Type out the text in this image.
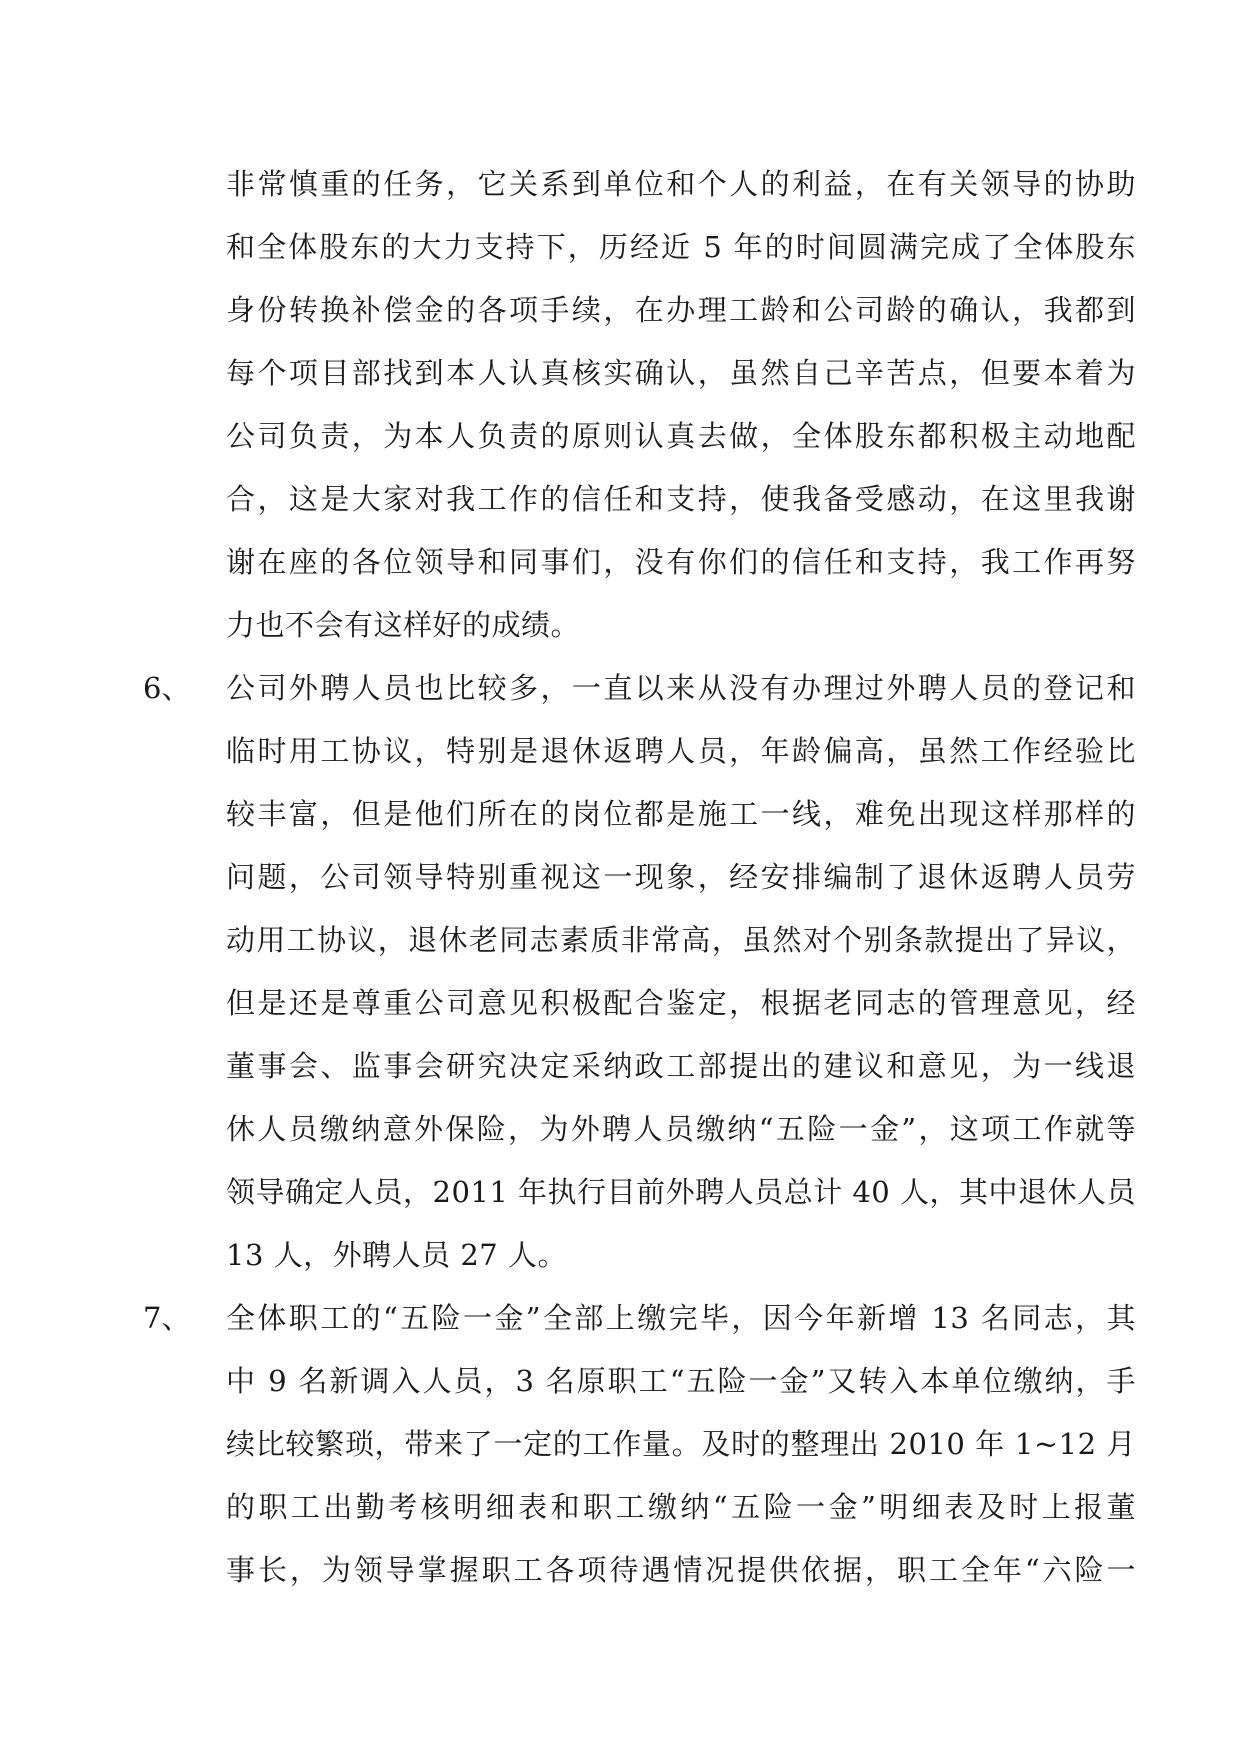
非常慎重的任务，它关系到单位和个人的利益，在有关领导的协助
和全体股东的大力支持下，历经近 5 年的时间圆满完成了全体股东
身份转换补偿金的各项手续，在办理工龄和公司龄的确认，我都到
每个项目部找到本人认真核实确认，虽然自己辛苦点，但要本着为
公司负责，为本人负责的原则认真去做，全体股东都积极主动地配
合，这是大家对我工作的信任和支持，使我备受感动，在这里我谢
谢在座的各位领导和同事们，没有你们的信任和支持，我工作再努
力也不会有这样好的成绩。
6、	公司外聘人员也比较多，一直以来从没有办理过外聘人员的登记和
临时用工协议，特别是退休返聘人员，年龄偏高，虽然工作经验比
较丰富，但是他们所在的岗位都是施工一线，难免出现这样那样的
问题，公司领导特别重视这一现象，经安排编制了退休返聘人员劳
动用工协议，退休老同志素质非常高，虽然对个别条款提出了异议，
但是还是尊重公司意见积极配合鉴定，根据老同志的管理意见，经
董事会、监事会研究决定采纳政工部提出的建议和意见，为一线退
休人员缴纳意外保险，为外聘人员缴纳“五险一金”，这项工作就等
领导确定人员，2011 年执行目前外聘人员总计 40 人，其中退休人员
13 人，外聘人员 27 人。
7、	全体职工的“五险一金”全部上缴完毕，因今年新增 13 名同志，其
中 9 名新调入人员，3 名原职工“五险一金”又转入本单位缴纳，手
续比较繁琐，带来了一定的工作量。及时的整理出 2010 年 1~12 月
的职工出勤考核明细表和职工缴纳“五险一金”明细表及时上报董
事长，为领导掌握职工各项待遇情况提供依据，职工全年“六险一
